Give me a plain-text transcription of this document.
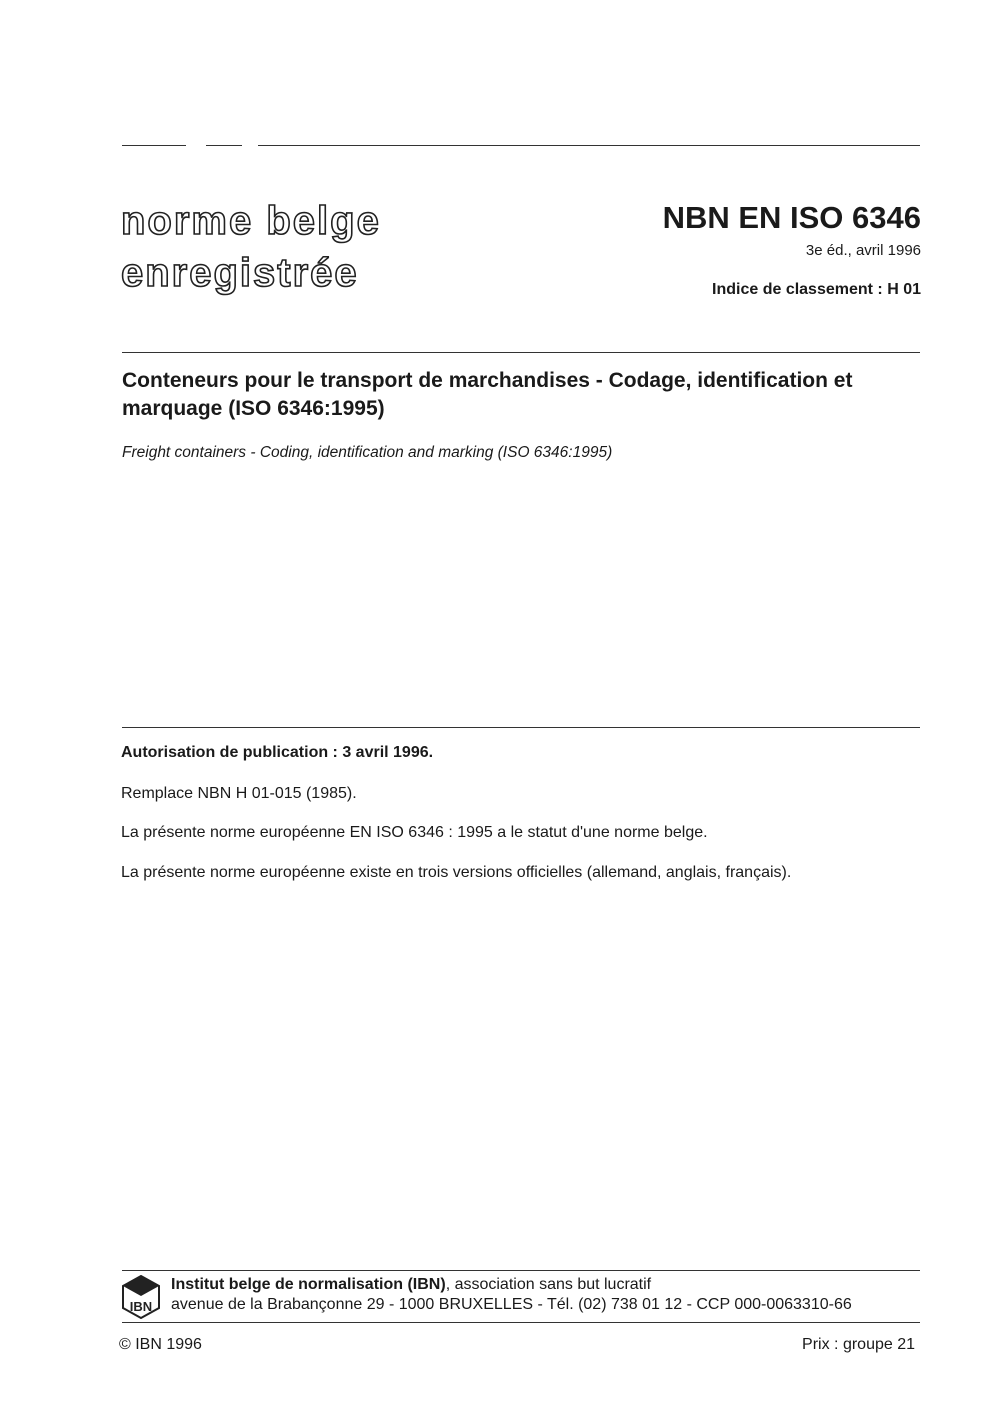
norme belge
enregistrée
NBN EN ISO 6346
3e éd., avril 1996
Indice de classement : H 01
Conteneurs pour le transport de marchandises - Codage, identification et marquage (ISO 6346:1995)
Freight containers - Coding, identification and marking (ISO 6346:1995)

Autorisation de publication : 3 avril 1996.

Remplace NBN H 01-015 (1985).

La présente norme européenne EN ISO 6346 : 1995 a le statut d'une norme belge.

La présente norme européenne existe en trois versions officielles (allemand, anglais, français).

IBN
Institut belge de normalisation (IBN), association sans but lucratif
avenue de la Brabançonne 29 - 1000 BRUXELLES - Tél. (02) 738 01 12 - CCP 000-0063310-66
© IBN 1996	Prix : groupe 21
